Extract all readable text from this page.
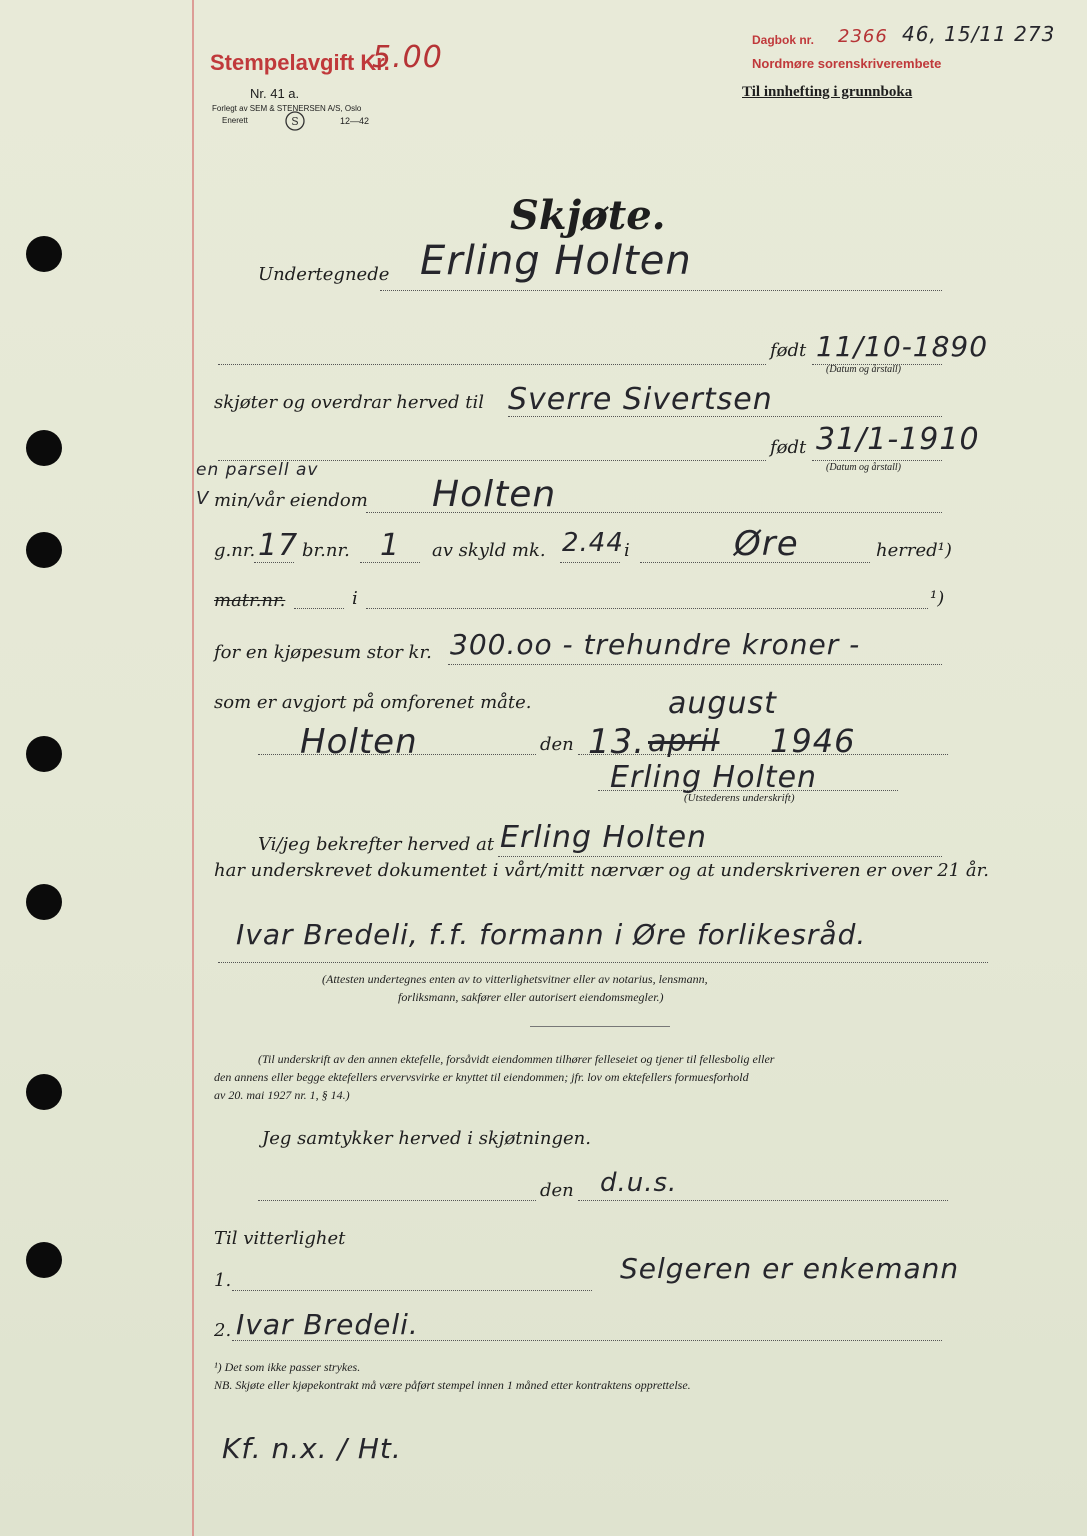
Stempelavgift Kr.
5.00
Nr. 41 a.
Forlegt av SEM & STENERSEN A/S, Oslo
Enerett	S	12—42
Dagbok nr. 2366 46, 15/11 273
Nordmøre sorenskriverembete
Til innhefting i grunnboka
Skjøte.
Undertegnede Erling Holten
født 11/10-1890
(Datum og årstall)
skjøter og overdrar herved til Sverre Sivertsen
født 31/1-1910
(Datum og årstall)
en parsell av
V min/vår eiendom Holten
g.nr. 17 br.nr. 1 av skyld mk. 2.44 i	Øre	herred¹)
matr.nr.	i	¹)
for en kjøpesum stor kr. 300.oo - trehundre kroner -
som er avgjort på omforenet måte.
Holten	den 13. april
august
1946
Erling Holten
(Utstederens underskrift)
Vi/jeg bekrefter herved at Erling Holten
har underskrevet dokumentet i vårt/mitt nærvær og at underskriveren er over 21 år.
Ivar Bredeli, f.f. formann i Øre forlikesråd.
(Attesten undertegnes enten av to vitterlighetsvitner eller av notarius, lensmann,
forliksmann, sakfører eller autorisert eiendomsmegler.)
(Til underskrift av den annen ektefelle, forsåvidt eiendommen tilhører felleseiet og tjener til fellesbolig eller
den annens eller begge ektefellers ervervsvirke er knyttet til eiendommen; jfr. lov om ektefellers formuesforhold
av 20. mai 1927 nr. 1, § 14.)
Jeg samtykker herved i skjøtningen.
den d.u.s.
Til vitterlighet
1.	Selgeren er enkemann
2. Ivar Bredeli.
¹) Det som ikke passer strykes.
NB. Skjøte eller kjøpekontrakt må være påført stempel innen 1 måned etter kontraktens opprettelse.
Kf. n.x. / Ht.
